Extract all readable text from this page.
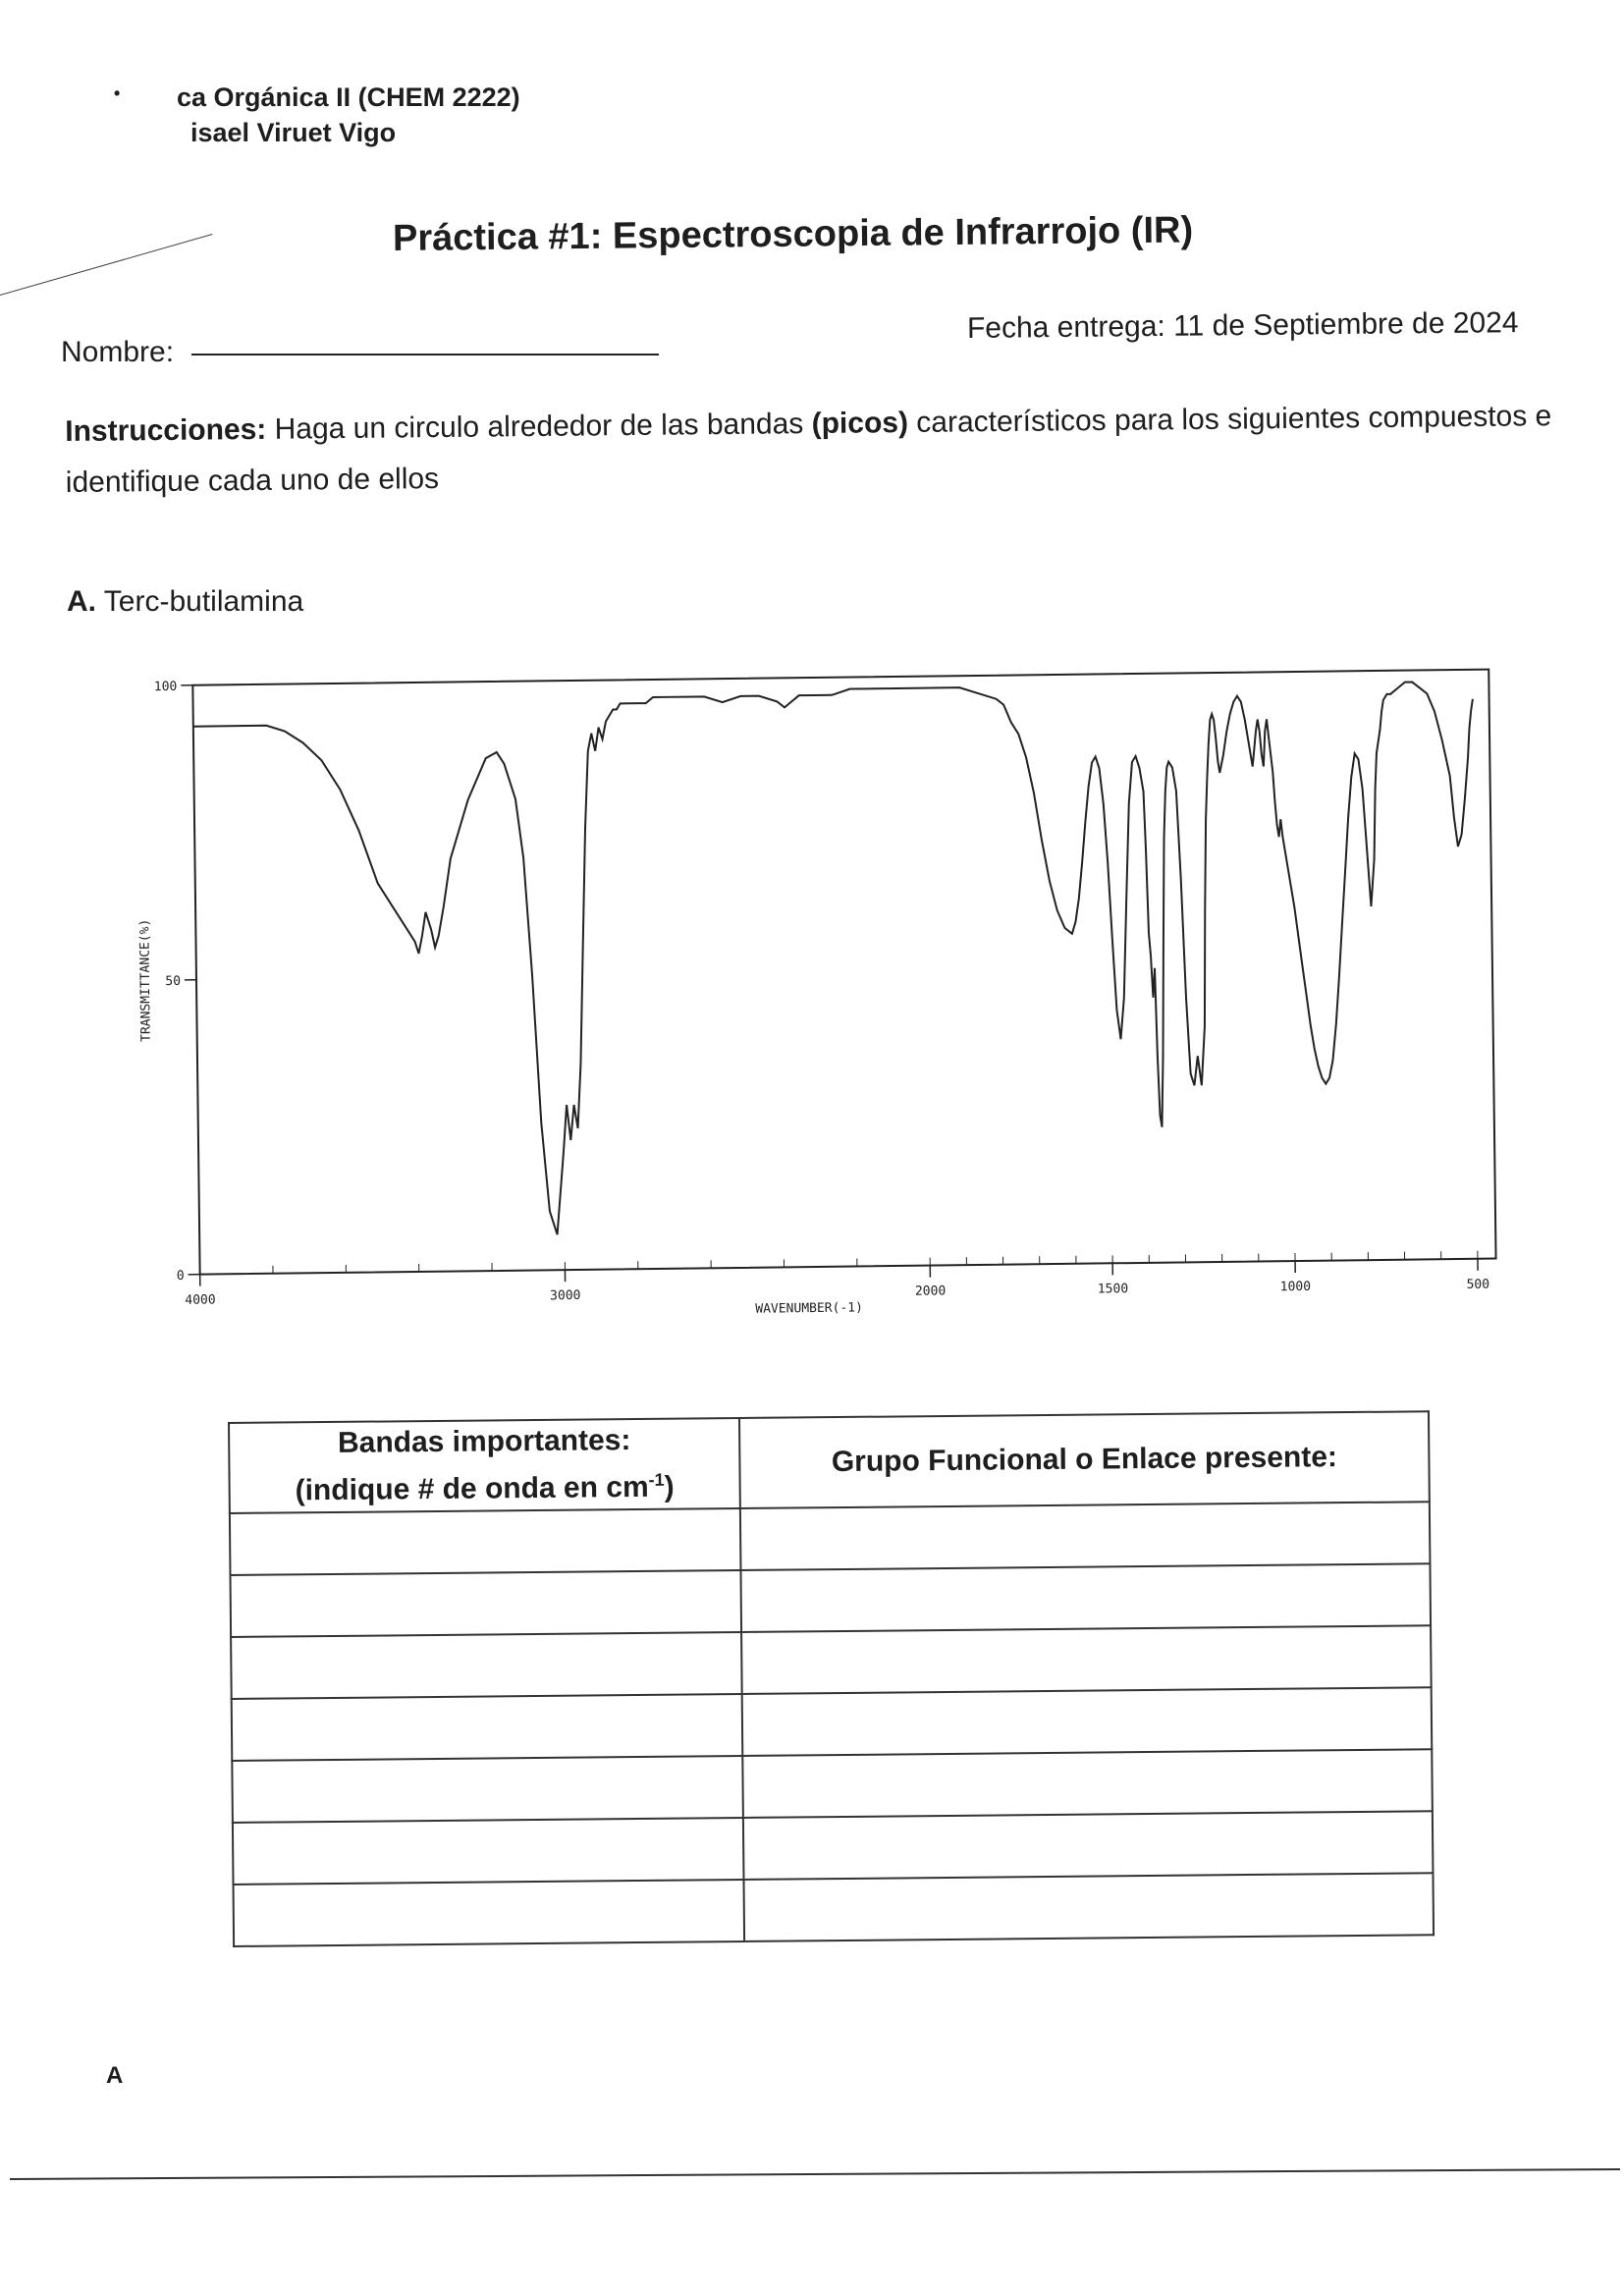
• ca Orgánica II (CHEM 2222)
isael Viruet Vigo
Práctica #1: Espectroscopia de Infrarrojo (IR)
Nombre:
Fecha entrega: 11 de Septiembre de 2024
Instrucciones: Haga un circulo alrededor de las bandas (picos) característicos para los siguientes compuestos e identifique cada uno de ellos
A. Terc-butilamina
0
50
100
4000	3000	2000	1500	1000	500
TRANSMITTANCE(%)
WAVENUMBER(-1)
Bandas importantes:
(indique # de onda en $cm^{-1}$)	Grupo Funcional o Enlace presente:

A
